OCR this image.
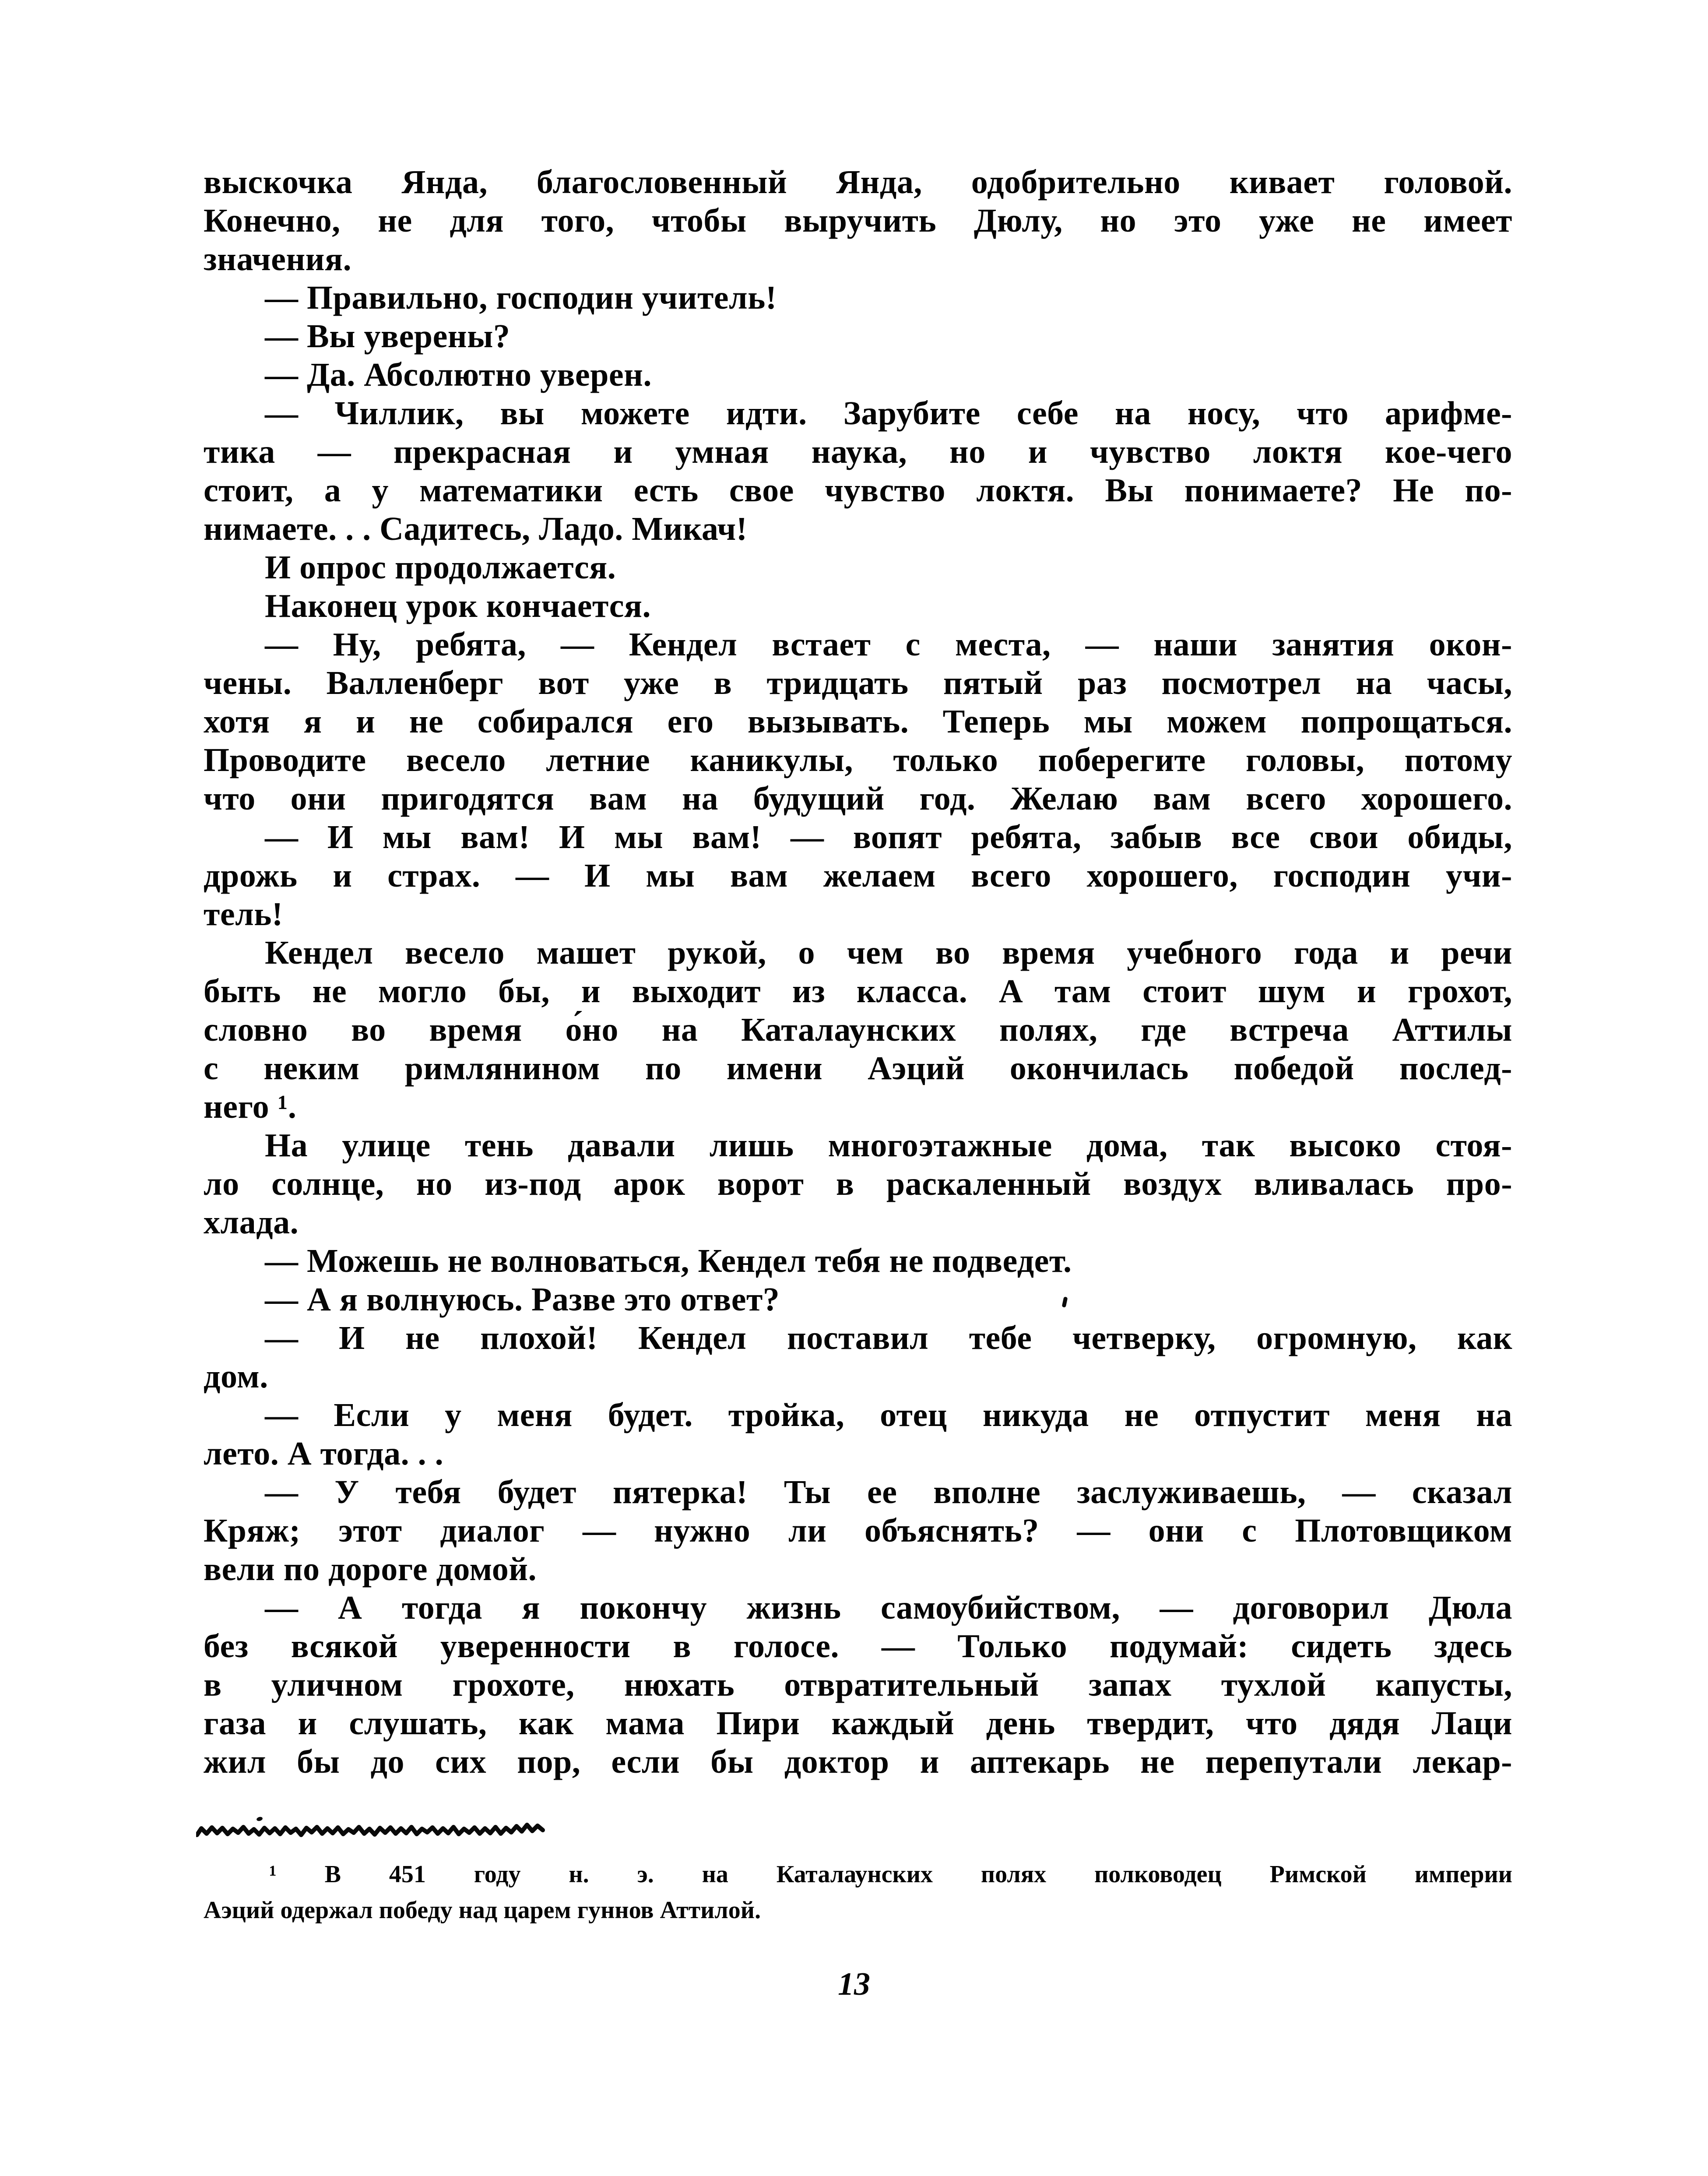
выскочка Янда, благословенный Янда, одобрительно кивает головой.
Конечно, не для того, чтобы выручить Дюлу, но это уже не имеет
значения.
— Правильно, господин учитель!
— Вы уверены?
— Да. Абсолютно уверен.
— Чиллик, вы можете идти. Зарубите себе на носу, что арифме-
тика — прекрасная и умная наука, но и чувство локтя кое-чего
стоит, а у математики есть свое чувство локтя. Вы понимаете? Не по-
нимаете. . . Садитесь, Ладо. Микач!
И опрос продолжается.
Наконец урок кончается.
— Ну, ребята, — Кендел встает с места, — наши занятия окон-
чены. Валленберг вот уже в тридцать пятый раз посмотрел на часы,
хотя я и не собирался его вызывать. Теперь мы можем попрощаться.
Проводите весело летние каникулы, только поберегите головы, потому
что они пригодятся вам на будущий год. Желаю вам всего хорошего.
— И мы вам! И мы вам! — вопят ребята, забыв все свои обиды,
дрожь и страх. — И мы вам желаем всего хорошего, господин учи-
тель!
Кендел весело машет рукой, о чем во время учебного года и речи
быть не могло бы, и выходит из класса. А там стоит шум и грохот,
словно во время о́но на Каталаунских полях, где встреча Аттилы
с неким римлянином по имени Аэций окончилась победой послед-
него ¹.
На улице тень давали лишь многоэтажные дома, так высоко стоя-
ло солнце, но из-под арок ворот в раскаленный воздух вливалась про-
хлада.
— Можешь не волноваться, Кендел тебя не подведет.
— А я волнуюсь. Разве это ответ?
— И не плохой! Кендел поставил тебе четверку, огромную, как
дом.
— Если у меня будет. тройка, отец никуда не отпустит меня на
лето. А тогда. . .
— У тебя будет пятерка! Ты ее вполне заслуживаешь, — сказал
Кряж; этот диалог — нужно ли объяснять? — они с Плотовщиком
вели по дороге домой.
— А тогда я покончу жизнь самоубийством, — договорил Дюла
без всякой уверенности в голосе. — Только подумай: сидеть здесь
в уличном грохоте, нюхать отвратительный запах тухлой капусты,
газа и слушать, как мама Пири каждый день твердит, что дядя Лаци
жил бы до сих пор, если бы доктор и аптекарь не перепутали лекар-
¹ В 451 году н. э. на Каталаунских полях полководец Римской империи
Аэций одержал победу над царем гуннов Аттилой.
13
